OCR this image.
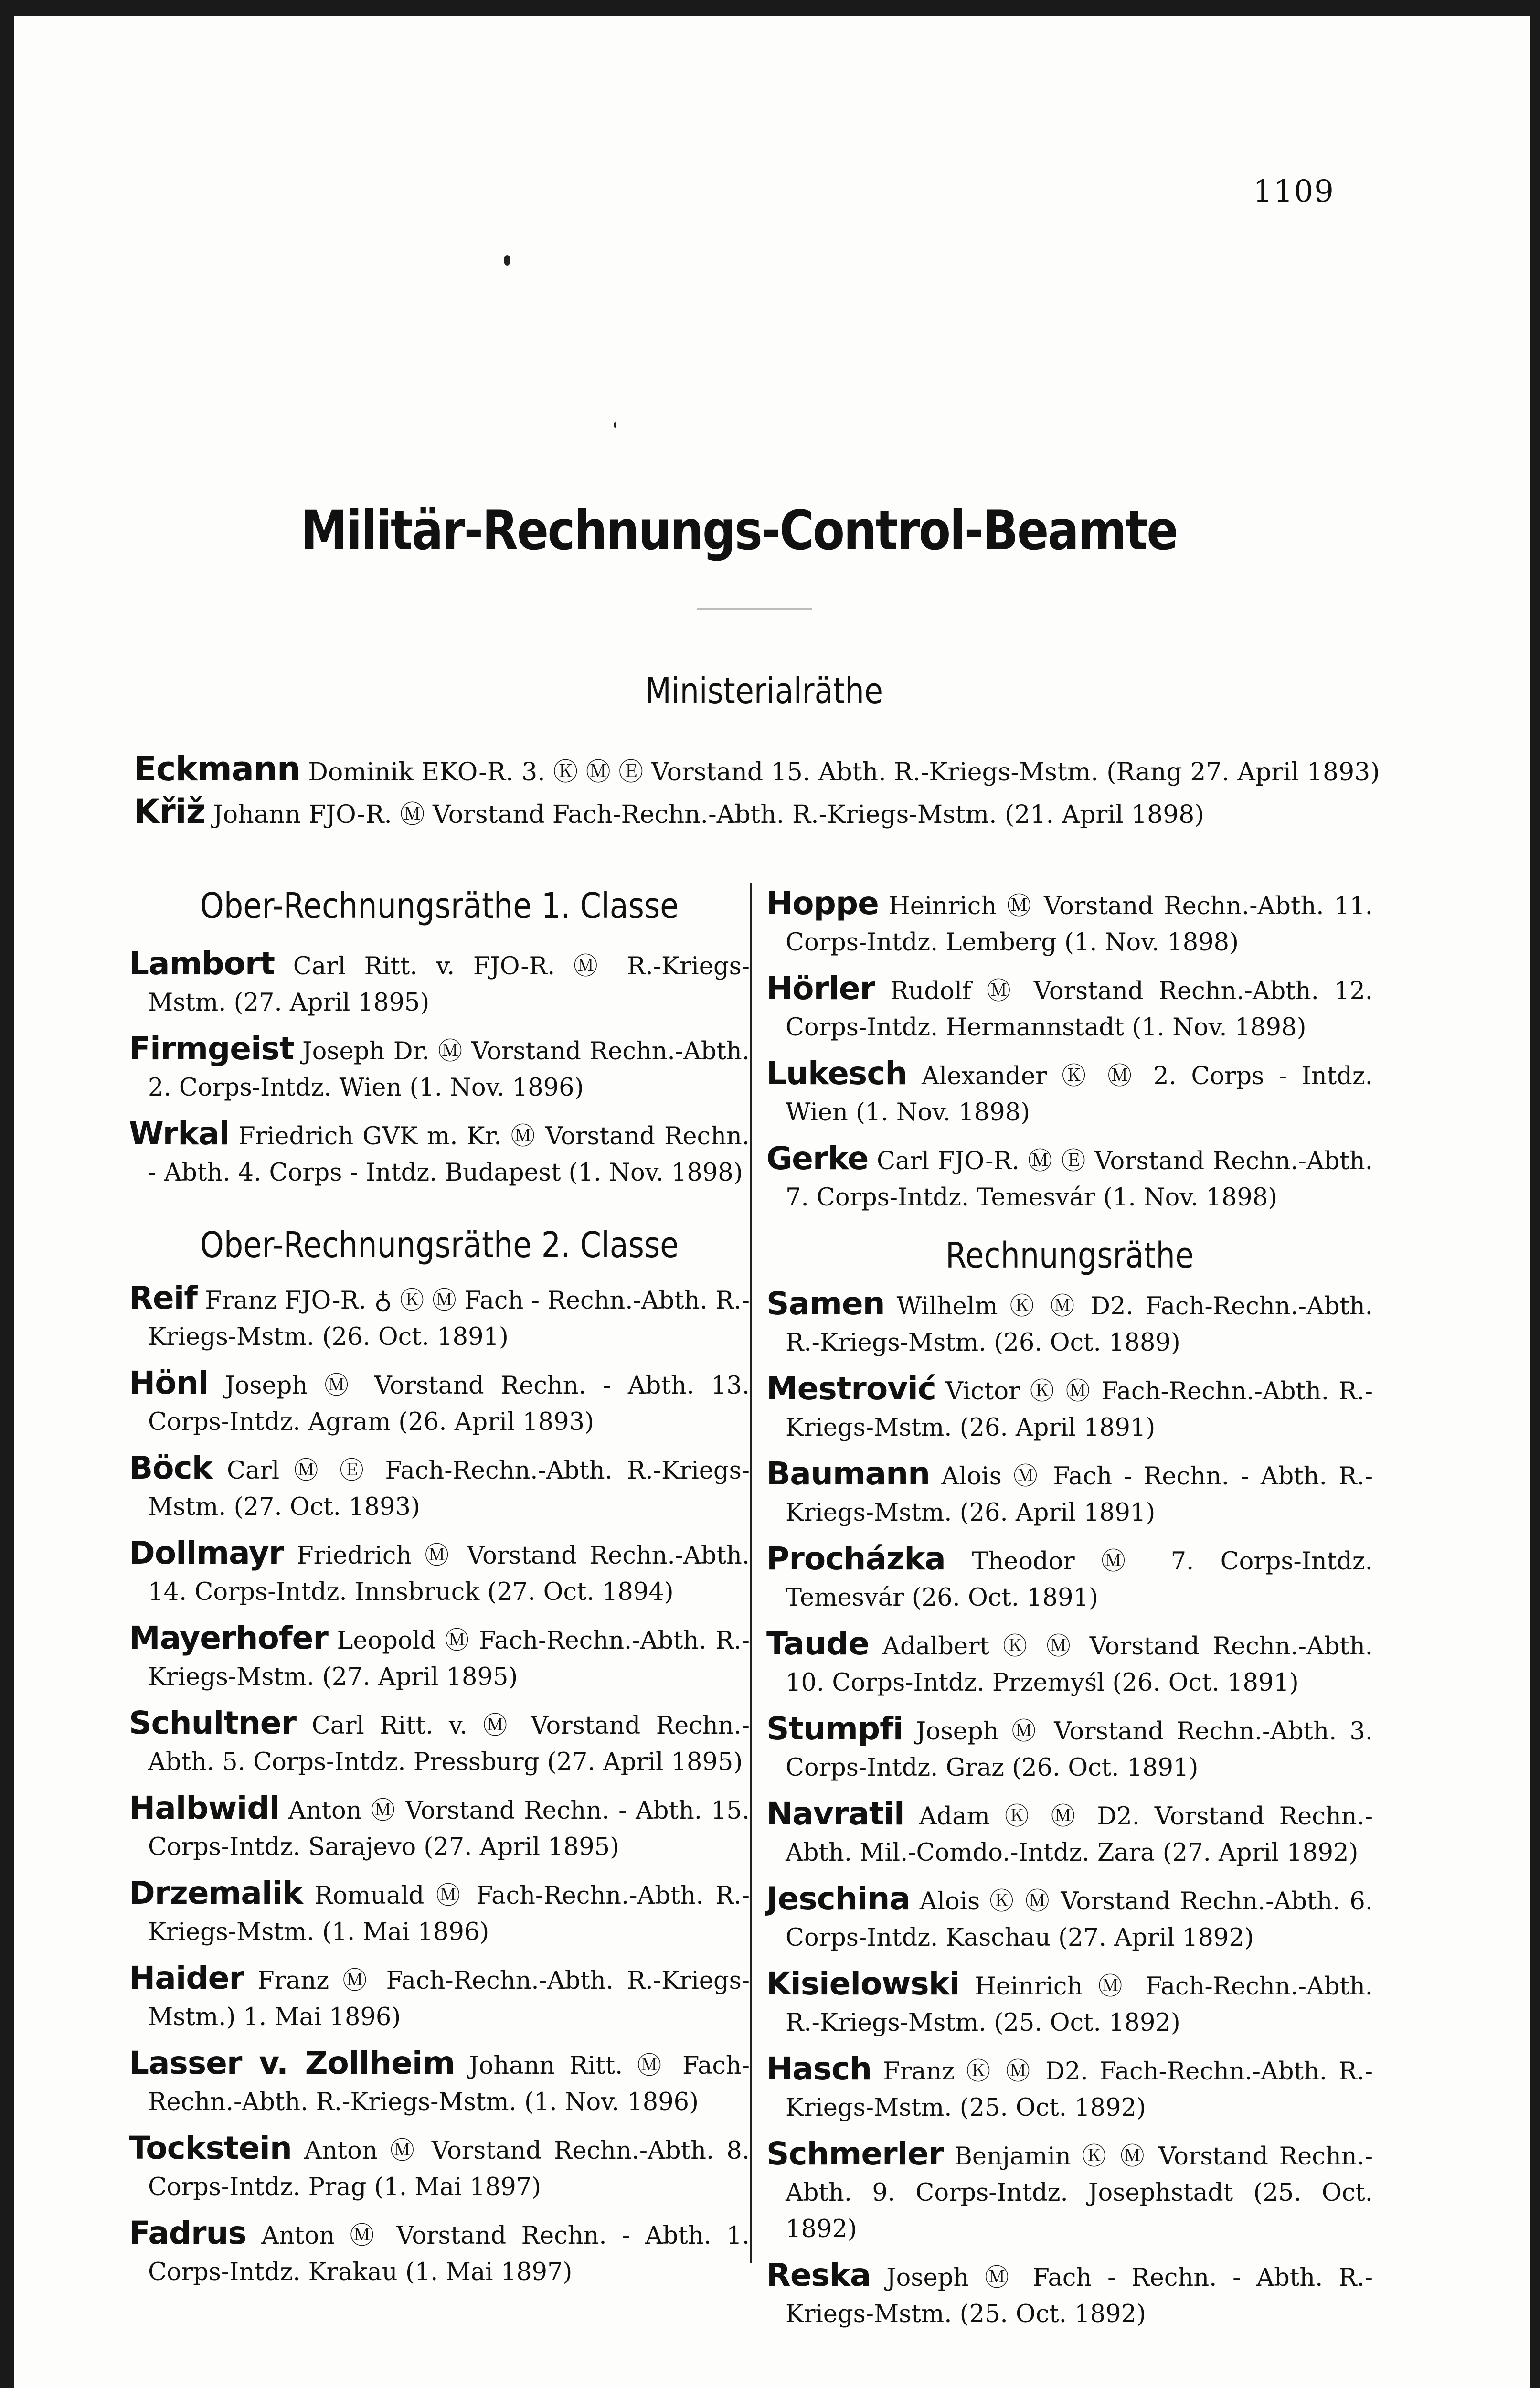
1109
Militär-Rechnungs-Control-Beamte
Ministerialräthe
Eckmann Dominik EKO-R. 3. Ⓚ Ⓜ Ⓔ Vorstand 15. Abth. R.-Kriegs-Mstm. (Rang 27. April 1893)
Křiž Johann FJO-R. Ⓜ Vorstand Fach-Rechn.-Abth. R.-Kriegs-Mstm. (21. April 1898)
Ober-Rechnungsräthe 1. Classe
Lambort Carl Ritt. v. FJO-R. Ⓜ R.-Kriegs-Mstm. (27. April 1895)
Firmgeist Joseph Dr. Ⓜ Vorstand Rechn.-Abth. 2. Corps-Intdz. Wien (1. Nov. 1896)
Wrkal Friedrich GVK m. Kr. Ⓜ Vorstand Rechn. - Abth. 4. Corps - Intdz. Budapest (1. Nov. 1898)
Ober-Rechnungsräthe 2. Classe
Reif Franz FJO-R. ♁ Ⓚ Ⓜ Fach - Rechn.-Abth. R.-Kriegs-Mstm. (26. Oct. 1891)
Hönl Joseph Ⓜ Vorstand Rechn. - Abth. 13. Corps-Intdz. Agram (26. April 1893)
Böck Carl Ⓜ Ⓔ Fach-Rechn.-Abth. R.-Kriegs-Mstm. (27. Oct. 1893)
Dollmayr Friedrich Ⓜ Vorstand Rechn.-Abth. 14. Corps-Intdz. Innsbruck (27. Oct. 1894)
Mayerhofer Leopold Ⓜ Fach-Rechn.-Abth. R.-Kriegs-Mstm. (27. April 1895)
Schultner Carl Ritt. v. Ⓜ Vorstand Rechn.-Abth. 5. Corps-Intdz. Pressburg (27. April 1895)
Halbwidl Anton Ⓜ Vorstand Rechn. - Abth. 15. Corps-Intdz. Sarajevo (27. April 1895)
Drzemalik Romuald Ⓜ Fach-Rechn.-Abth. R.-Kriegs-Mstm. (1. Mai 1896)
Haider Franz Ⓜ Fach-Rechn.-Abth. R.-Kriegs-Mstm.) 1. Mai 1896)
Lasser v. Zollheim Johann Ritt. Ⓜ Fach-Rechn.-Abth. R.-Kriegs-Mstm. (1. Nov. 1896)
Tockstein Anton Ⓜ Vorstand Rechn.-Abth. 8. Corps-Intdz. Prag (1. Mai 1897)
Fadrus Anton Ⓜ Vorstand Rechn. - Abth. 1. Corps-Intdz. Krakau (1. Mai 1897)
Hoppe Heinrich Ⓜ Vorstand Rechn.-Abth. 11. Corps-Intdz. Lemberg (1. Nov. 1898)
Hörler Rudolf Ⓜ Vorstand Rechn.-Abth. 12. Corps-Intdz. Hermannstadt (1. Nov. 1898)
Lukesch Alexander Ⓚ Ⓜ 2. Corps - Intdz. Wien (1. Nov. 1898)
Gerke Carl FJO-R. Ⓜ Ⓔ Vorstand Rechn.-Abth. 7. Corps-Intdz. Temesvár (1. Nov. 1898)
Rechnungsräthe
Samen Wilhelm Ⓚ Ⓜ D2. Fach-Rechn.-Abth. R.-Kriegs-Mstm. (26. Oct. 1889)
Mestrović Victor Ⓚ Ⓜ Fach-Rechn.-Abth. R.-Kriegs-Mstm. (26. April 1891)
Baumann Alois Ⓜ Fach - Rechn. - Abth. R.-Kriegs-Mstm. (26. April 1891)
Procházka Theodor Ⓜ 7. Corps-Intdz. Temesvár (26. Oct. 1891)
Taude Adalbert Ⓚ Ⓜ Vorstand Rechn.-Abth. 10. Corps-Intdz. Przemyśl (26. Oct. 1891)
Stumpfi Joseph Ⓜ Vorstand Rechn.-Abth. 3. Corps-Intdz. Graz (26. Oct. 1891)
Navratil Adam Ⓚ Ⓜ D2. Vorstand Rechn.-Abth. Mil.-Comdo.-Intdz. Zara (27. April 1892)
Jeschina Alois Ⓚ Ⓜ Vorstand Rechn.-Abth. 6. Corps-Intdz. Kaschau (27. April 1892)
Kisielowski Heinrich Ⓜ Fach-Rechn.-Abth. R.-Kriegs-Mstm. (25. Oct. 1892)
Hasch Franz Ⓚ Ⓜ D2. Fach-Rechn.-Abth. R.-Kriegs-Mstm. (25. Oct. 1892)
Schmerler Benjamin Ⓚ Ⓜ Vorstand Rechn.-Abth. 9. Corps-Intdz. Josephstadt (25. Oct. 1892)
Reska Joseph Ⓜ Fach - Rechn. - Abth. R.-Kriegs-Mstm. (25. Oct. 1892)
